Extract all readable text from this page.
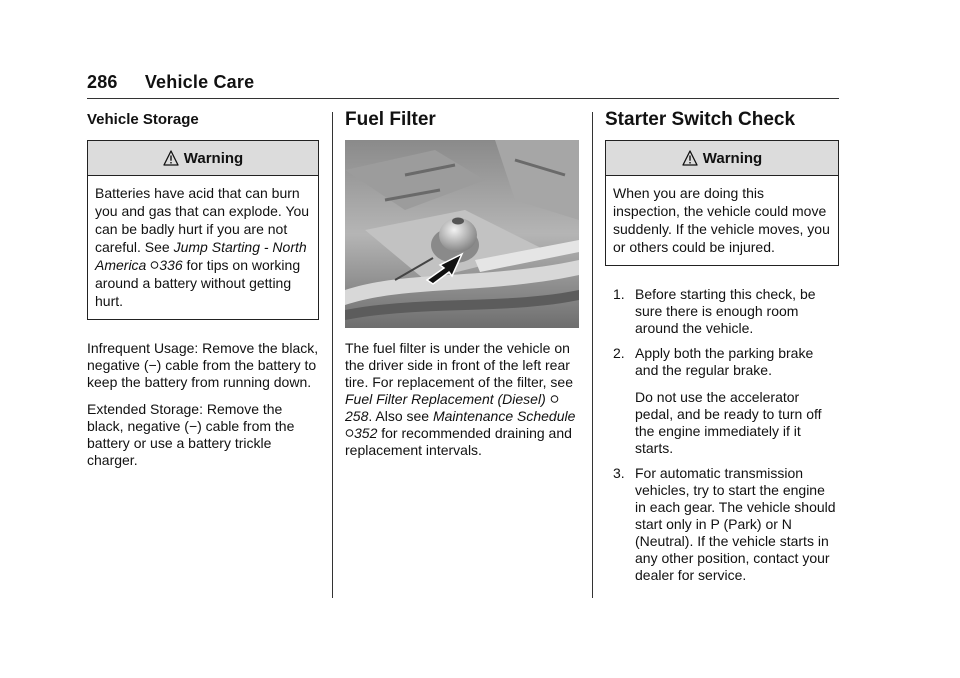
286 Vehicle Care
Vehicle Storage
Warning
Batteries have acid that can burn you and gas that can explode. You can be badly hurt if you are not careful. See Jump Starting - North America 336 for tips on working around a battery without getting hurt.

Infrequent Usage: Remove the black, negative (−) cable from the battery to keep the battery from running down.

Extended Storage: Remove the black, negative (−) cable from the battery or use a battery trickle charger.

Fuel Filter

The fuel filter is under the vehicle on the driver side in front of the left rear tire. For replacement of the filter, see Fuel Filter Replacement (Diesel) 258. Also see Maintenance Schedule 352 for recommended draining and replacement intervals.

Starter Switch Check
Warning
When you are doing this inspection, the vehicle could move suddenly. If the vehicle moves, you or others could be injured.
1. Before starting this check, be sure there is enough room around the vehicle.
2. Apply both the parking brake and the regular brake.
Do not use the accelerator pedal, and be ready to turn off the engine immediately if it starts.
3. For automatic transmission vehicles, try to start the engine in each gear. The vehicle should start only in P (Park) or N (Neutral). If the vehicle starts in any other position, contact your dealer for service.
